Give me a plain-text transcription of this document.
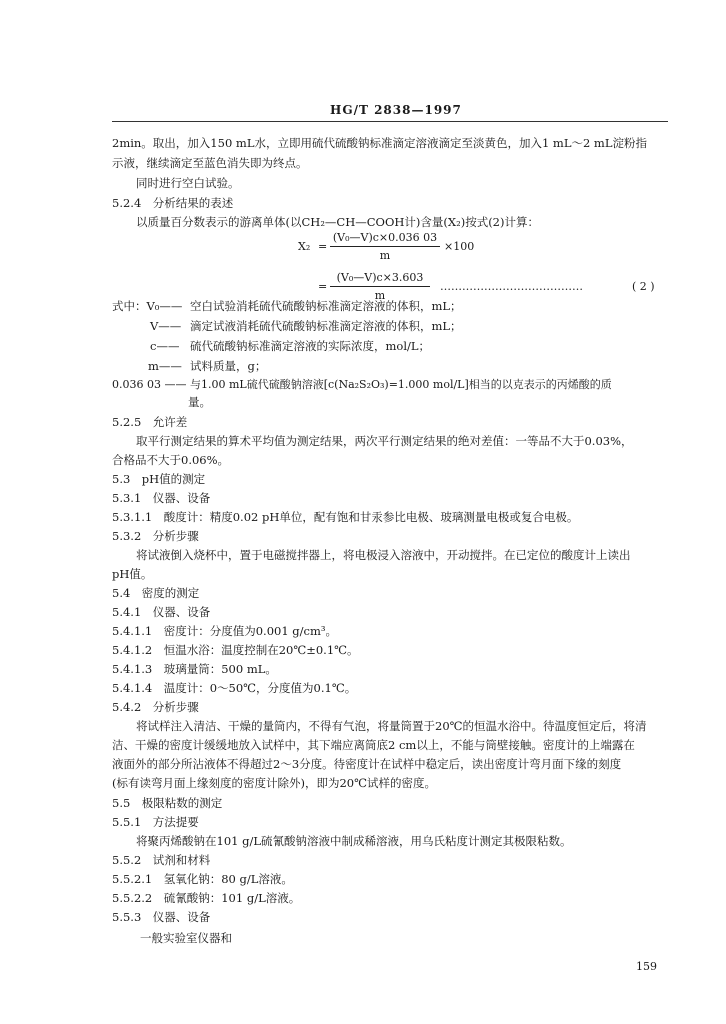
HG/T 2838—1997
2min。取出，加入150 mL水，立即用硫代硫酸钠标准滴定溶液滴定至淡黄色，加入1 mL～2 mL淀粉指
示液，继续滴定至蓝色消失即为终点。
同时进行空白试验。
5.2.4　分析结果的表述
以质量百分数表示的游离单体(以CH₂—CH—COOH计)含量(X₂)按式(2)计算：
X₂ =
(V₀—V)c×0.036 03
m
×100
=
(V₀—V)c×3.603
m
…………………………………	( 2 )
式中：V₀—— 空白试验消耗硫代硫酸钠标准滴定溶液的体积，mL；
V—— 滴定试液消耗硫代硫酸钠标准滴定溶液的体积，mL；
c—— 硫代硫酸钠标准滴定溶液的实际浓度，mol/L；
m—— 试料质量，g；
0.036 03 —— 与1.00 mL硫代硫酸钠溶液[c(Na₂S₂O₃)=1.000 mol/L]相当的以克表示的丙烯酸的质
量。
5.2.5　允许差
取平行测定结果的算术平均值为测定结果，两次平行测定结果的绝对差值：一等品不大于0.03%，
合格品不大于0.06%。
5.3　pH值的测定
5.3.1　仪器、设备
5.3.1.1　酸度计：精度0.02 pH单位，配有饱和甘汞参比电极、玻璃测量电极或复合电极。
5.3.2　分析步骤
将试液倒入烧杯中，置于电磁搅拌器上，将电极浸入溶液中，开动搅拌。在已定位的酸度计上读出
pH值。
5.4　密度的测定
5.4.1　仪器、设备
5.4.1.1　密度计：分度值为0.001 g/cm³。
5.4.1.2　恒温水浴：温度控制在20℃±0.1℃。
5.4.1.3　玻璃量筒：500 mL。
5.4.1.4　温度计：0～50℃，分度值为0.1℃。
5.4.2　分析步骤
将试样注入清洁、干燥的量筒内，不得有气泡，将量筒置于20℃的恒温水浴中。待温度恒定后，将清
洁、干燥的密度计缓缓地放入试样中，其下端应离筒底2 cm以上，不能与筒壁接触。密度计的上端露在
液面外的部分所沾液体不得超过2～3分度。待密度计在试样中稳定后，读出密度计弯月面下缘的刻度
(标有读弯月面上缘刻度的密度计除外)，即为20℃试样的密度。
5.5　极限粘数的测定
5.5.1　方法提要
将聚丙烯酸钠在101 g/L硫氰酸钠溶液中制成稀溶液，用乌氏粘度计测定其极限粘数。
5.5.2　试剂和材料
5.5.2.1　氢氧化钠：80 g/L溶液。
5.5.2.2　硫氰酸钠：101 g/L溶液。
5.5.3　仪器、设备
一般实验室仪器和
159
